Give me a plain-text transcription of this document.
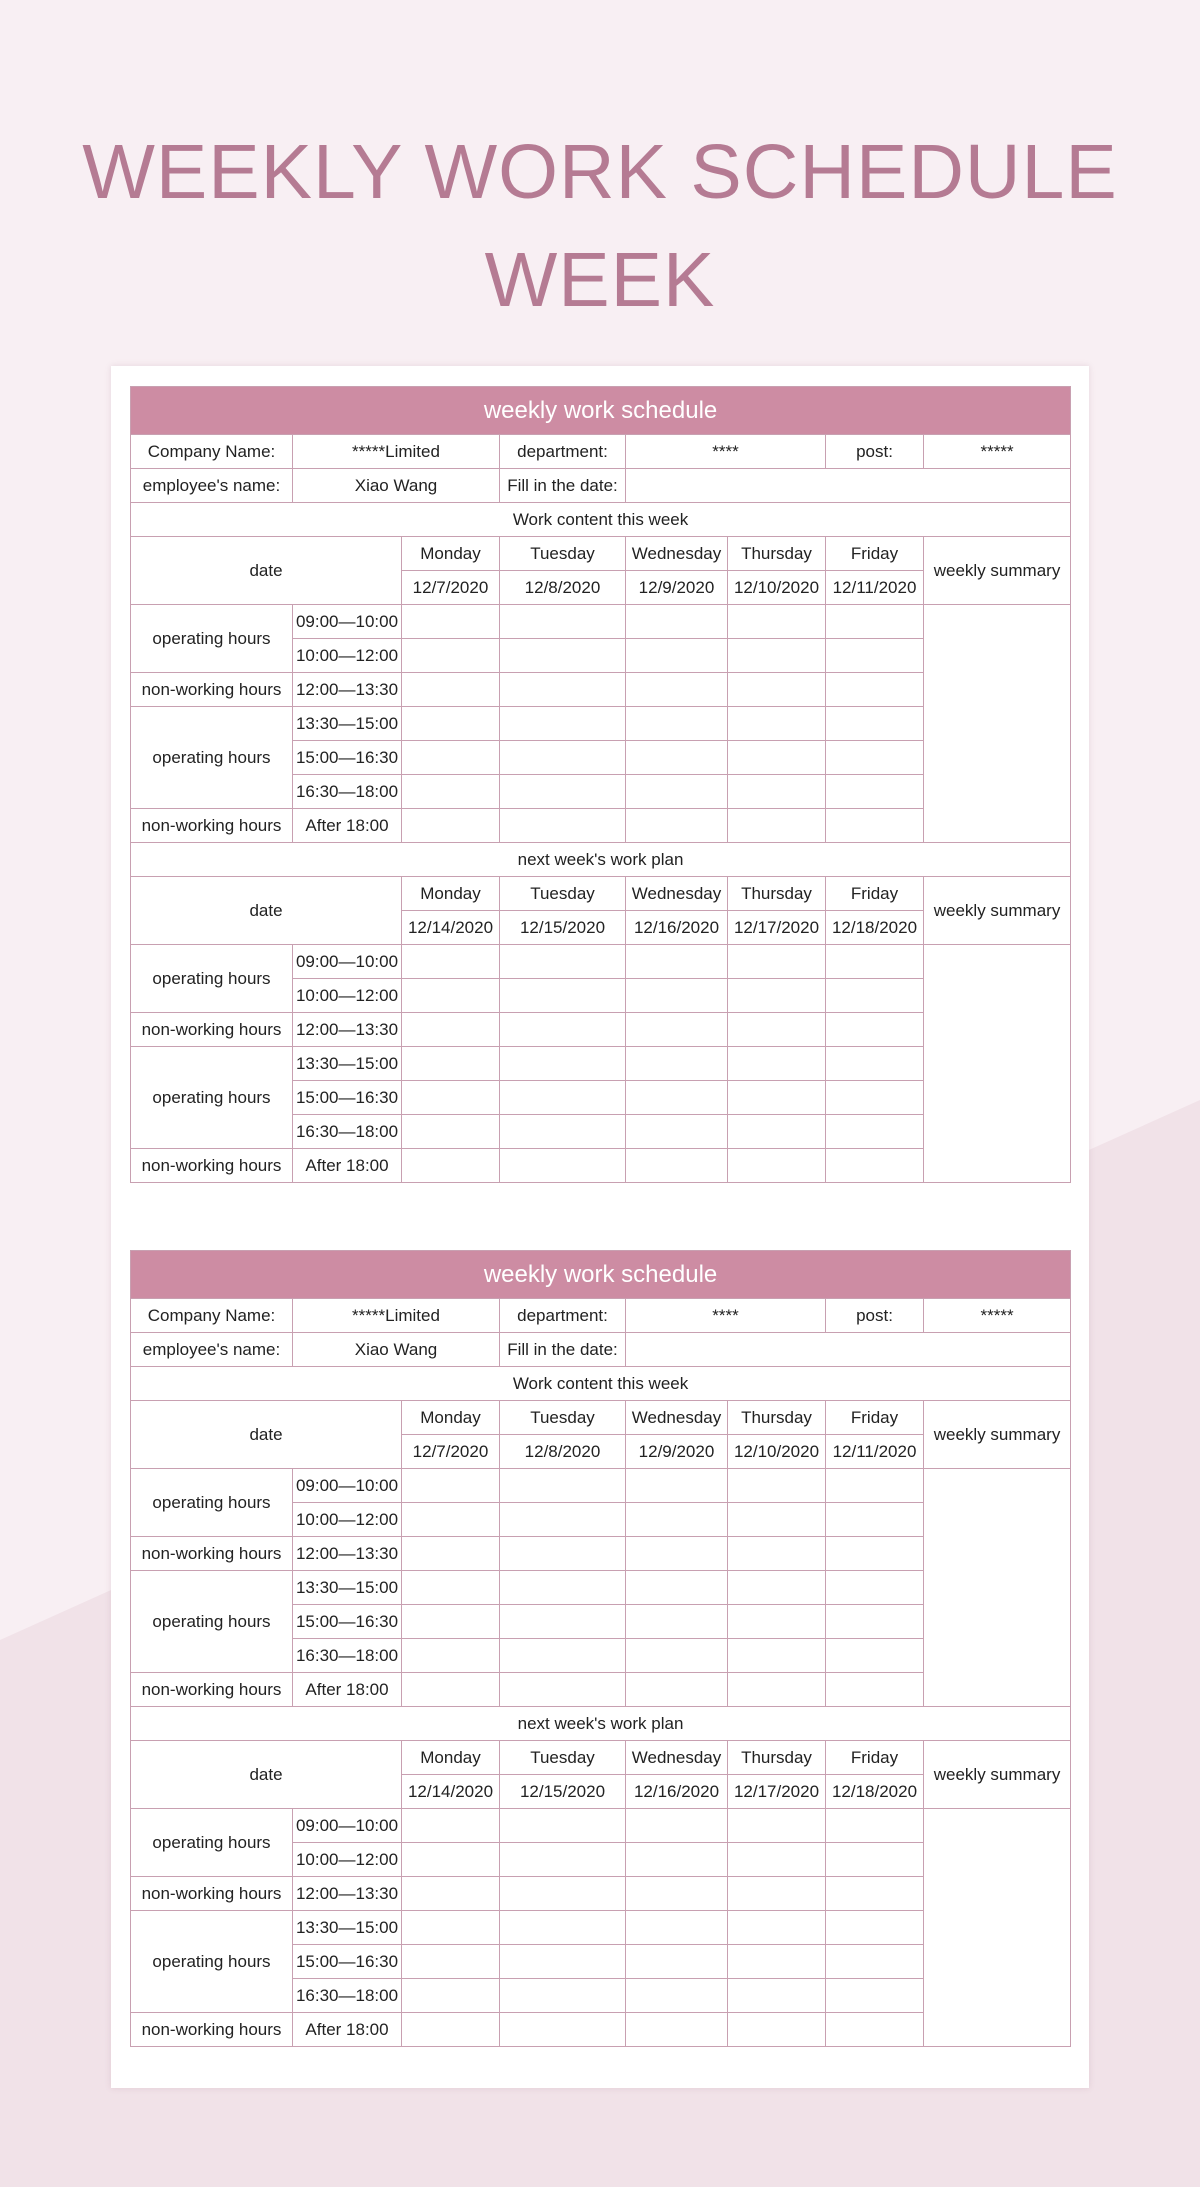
WEEKLY WORK SCHEDULE
WEEK
weekly work schedule							
Company Name:	*****Limited		department:	****		post:	*****
employee's name:	Xiao Wang		Fill in the date:				
Work content this week							
date		Monday	Tuesday	Wednesday	Thursday	Friday	weekly summary
		12/7/2020	12/8/2020	12/9/2020	12/10/2020	12/11/2020	
operating hours	09:00—10:00						
	10:00—12:00						
non-working hours	12:00—13:30						
operating hours	13:30—15:00						
	15:00—16:30						
	16:30—18:00						
non-working hours	After 18:00						
next week's work plan							
date		Monday	Tuesday	Wednesday	Thursday	Friday	weekly summary
		12/14/2020	12/15/2020	12/16/2020	12/17/2020	12/18/2020	
operating hours	09:00—10:00						
	10:00—12:00						
non-working hours	12:00—13:30						
operating hours	13:30—15:00						
	15:00—16:30						
	16:30—18:00						
non-working hours	After 18:00						
weekly work schedule							
Company Name:	*****Limited		department:	****		post:	*****
employee's name:	Xiao Wang		Fill in the date:				
Work content this week							
date		Monday	Tuesday	Wednesday	Thursday	Friday	weekly summary
		12/7/2020	12/8/2020	12/9/2020	12/10/2020	12/11/2020	
operating hours	09:00—10:00						
	10:00—12:00						
non-working hours	12:00—13:30						
operating hours	13:30—15:00						
	15:00—16:30						
	16:30—18:00						
non-working hours	After 18:00						
next week's work plan							
date		Monday	Tuesday	Wednesday	Thursday	Friday	weekly summary
		12/14/2020	12/15/2020	12/16/2020	12/17/2020	12/18/2020	
operating hours	09:00—10:00						
	10:00—12:00						
non-working hours	12:00—13:30						
operating hours	13:30—15:00						
	15:00—16:30						
	16:30—18:00						
non-working hours	After 18:00						
